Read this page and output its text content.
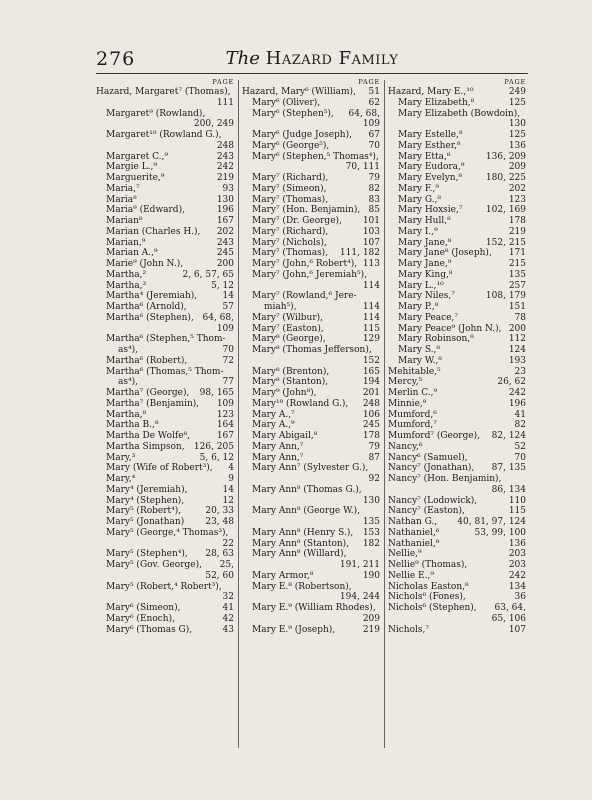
276	The Hazard Family
PAGE
Hazard, Margaret⁷ (Thomas),
111
Margaret⁹ (Rowland),
200, 249
Margaret¹⁰ (Rowland G.),
248
Margaret C.,⁹	243
Margie L.,⁹	242
Marguerite,⁹	219
Maria,⁷	93
Maria⁸	130
Maria⁹ (Edward),	196
Marian⁸	167
Marian (Charles H.), 202
Marian,⁹	243
Marian A.,⁹	245
Marie⁹ (John N.),	200
Martha,²	2, 6, 57, 65
Martha,³	5, 12
Martha⁴ (Jeremiah),	14
Martha⁶ (Arnold),	57
Martha⁶ (Stephen), 64, 68,
109
Martha⁶ (Stephen,⁵ Thom-
as⁴),	70
Martha⁶ (Robert),	72
Martha⁶ (Thomas,⁵ Thom-
as⁴),	77
Martha⁷ (George), 98, 165
Martha⁷ (Benjamin), 109
Martha,⁸	123
Martha B.,⁸	164
Martha De Wolfe⁸,	167
Martha Simpson, 126, 205
Mary,³	5, 6, 12
Mary (Wife of Robert³), 4
Mary,⁴	9
Mary⁴ (Jeremiah),	14
Mary⁴ (Stephen),	12
Mary⁵ (Robert⁴),	20, 33
Mary⁵ (Jonathan) 23, 48
Mary⁵ (George,⁴ Thomas³),
22
Mary⁵ (Stephen⁴), 28, 63
Mary⁵ (Gov. George), 25,
52, 60
Mary⁵ (Robert,⁴ Robert³),
32
Mary⁶ (Simeon),	41
Mary⁶ (Enoch),	42
Mary⁶ (Thomas G),	43
PAGE
Hazard, Mary⁶ (William), 51
Mary⁶ (Oliver),	62
Mary⁶ (Stephen⁵), 64, 68,
109
Mary⁶ (Judge Joseph), 67
Mary⁶ (George⁵),	70
Mary⁶ (Stephen,⁵ Thomas⁴),
70, 111
Mary⁷ (Richard),	79
Mary⁷ (Simeon),	82
Mary⁷ (Thomas),	83
Mary⁷ (Hon. Benjamin), 85
Mary⁷ (Dr. George), 101
Mary⁷ (Richard),	103
Mary⁷ (Nichols),	107
Mary⁷ (Thomas), 111, 182
Mary⁷ (John,⁶ Robert⁴), 113
Mary⁷ (John,⁶ Jeremiah⁵),
114
Mary⁷ (Rowland,⁶ Jere-
miah⁵),	114
Mary⁷ (Wilbur),	114
Mary⁷ (Easton),	115
Mary⁸ (George),	129
Mary⁸ (Thomas Jefferson),
152
Mary⁸ (Brenton),	165
Mary⁸ (Stanton),	194
Mary⁹ (John⁸),	201
Mary¹⁰ (Rowland G.), 248
Mary A.,⁷	106
Mary A.,⁹	245
Mary Abigail,⁸	178
Mary Ann,⁷	79
Mary Ann,⁷	87
Mary Ann⁷ (Sylvester G.),
92
Mary Ann⁸ (Thomas G.),
130
Mary Ann⁸ (George W.),
135
Mary Ann⁸ (Henry S.), 153
Mary Ann⁸ (Stanton), 182
Mary Ann⁸ (Willard),
191, 211
Mary Armor,⁸	190
Mary E.⁸ (Robertson),
194, 244
Mary E.⁹ (William Rhodes),
209
Mary E.⁹ (Joseph),	219
PAGE
Hazard, Mary E.,¹⁰	249
Mary Elizabeth,⁸	125
Mary Elizabeth (Bowdoin),
130
Mary Estelle,⁸	125
Mary Esther,⁸	136
Mary Etta,⁸	136, 209
Mary Eudora,⁹	209
Mary Evelyn,⁸	180, 225
Mary F.,⁹	202
Mary G.,⁸	123
Mary Hoxsie,⁷	102, 169
Mary Hull,⁸	178
Mary I.,⁹	219
Mary Jane,⁸	152, 215
Mary Jane⁸ (Joseph), 171
Mary Jane,⁹	215
Mary King,⁸	135
Mary L.,¹⁰	257
Mary Niles,⁷	108, 179
Mary P.,⁸	151
Mary Peace,⁷	78
Mary Peace⁹ (John N.), 200
Mary Robinson,⁸	112
Mary S.,⁸	124
Mary W.,⁸	193
Mehitable,⁵	23
Mercy,⁵	26, 62
Merlin C.,⁹	242
Minnie,⁹	196
Mumford,⁶	41
Mumford,⁷	82
Mumford⁷ (George), 82, 124
Nancy,⁶	52
Nancy⁶ (Samuel),	70
Nancy⁷ (Jonathan), 87, 135
Nancy⁷ (Hon. Benjamin),
86, 134
Nancy⁷ (Lodowick),	110
Nancy⁷ (Easton),	115
Nathan G., 40, 81, 97, 124
Nathaniel,⁶	53, 99, 100
Nathaniel,⁸	136
Nellie,⁹	203
Nellie⁹ (Thomas),	203
Nellie E.,⁹	242
Nicholas Easton,⁸	134
Nichols⁶ (Fones),	36
Nichols⁶ (Stephen), 63, 64,
65, 106
Nichols,⁷	107
